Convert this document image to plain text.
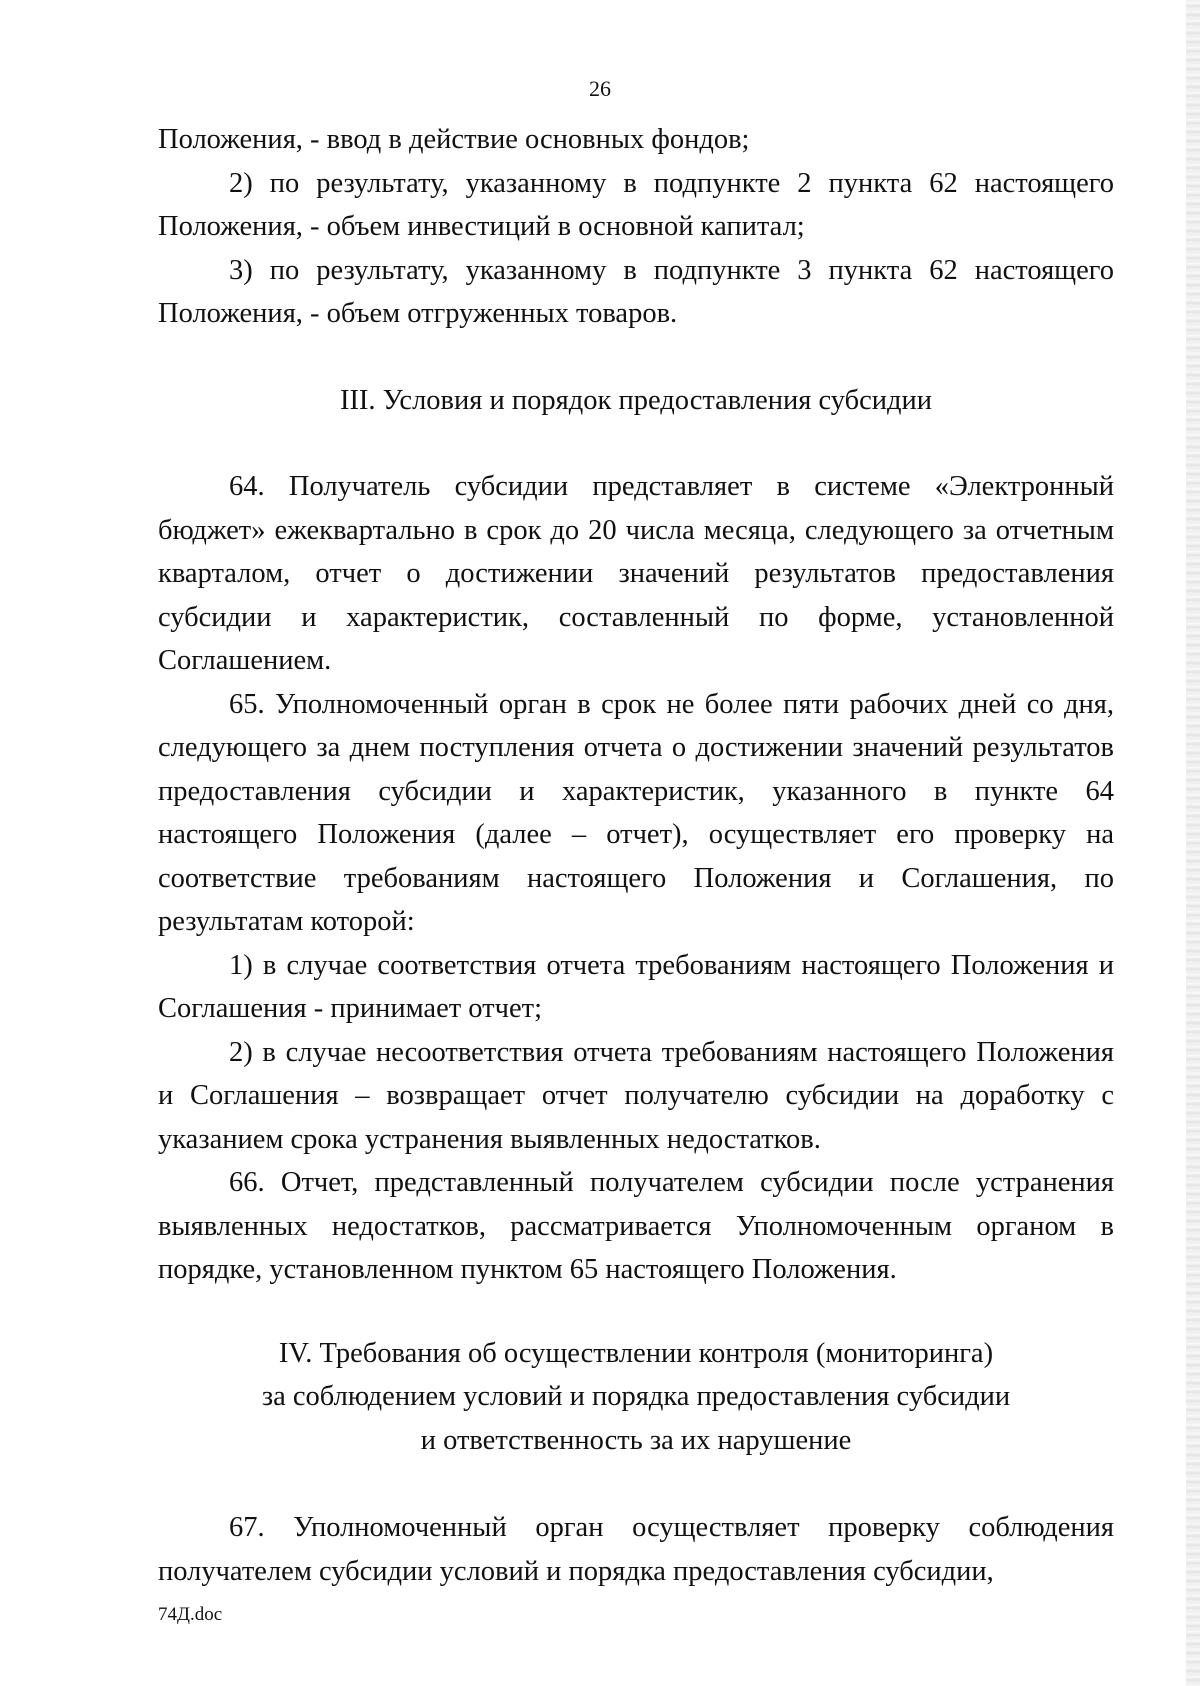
26

Положения, - ввод в действие основных фондов;

2) по результату, указанному в подпункте 2 пункта 62 настоящего Положения, - объем инвестиций в основной капитал;

3) по результату, указанному в подпункте 3 пункта 62 настоящего Положения, - объем отгруженных товаров.

III. Условия и порядок предоставления субсидии

64. Получатель субсидии представляет в системе «Электронный бюджет» ежеквартально в срок до 20 числа месяца, следующего за отчетным кварталом, отчет о достижении значений результатов предоставления субсидии и характеристик, составленный по форме, установленной Соглашением.

65. Уполномоченный орган в срок не более пяти рабочих дней со дня, следующего за днем поступления отчета о достижении значений результатов предоставления субсидии и характеристик, указанного в пункте 64 настоящего Положения (далее – отчет), осуществляет его проверку на соответствие требованиям настоящего Положения и Соглашения, по результатам которой:

1) в случае соответствия отчета требованиям настоящего Положения и Соглашения - принимает отчет;

2) в случае несоответствия отчета требованиям настоящего Положения и Соглашения – возвращает отчет получателю субсидии на доработку с указанием срока устранения выявленных недостатков.

66. Отчет, представленный получателем субсидии после устранения выявленных недостатков, рассматривается Уполномоченным органом в порядке, установленном пунктом 65 настоящего Положения.

IV. Требования об осуществлении контроля (мониторинга)
за соблюдением условий и порядка предоставления субсидии
и ответственность за их нарушение

67. Уполномоченный орган осуществляет проверку соблюдения получателем субсидии условий и порядка предоставления субсидии,

74Д.doc
